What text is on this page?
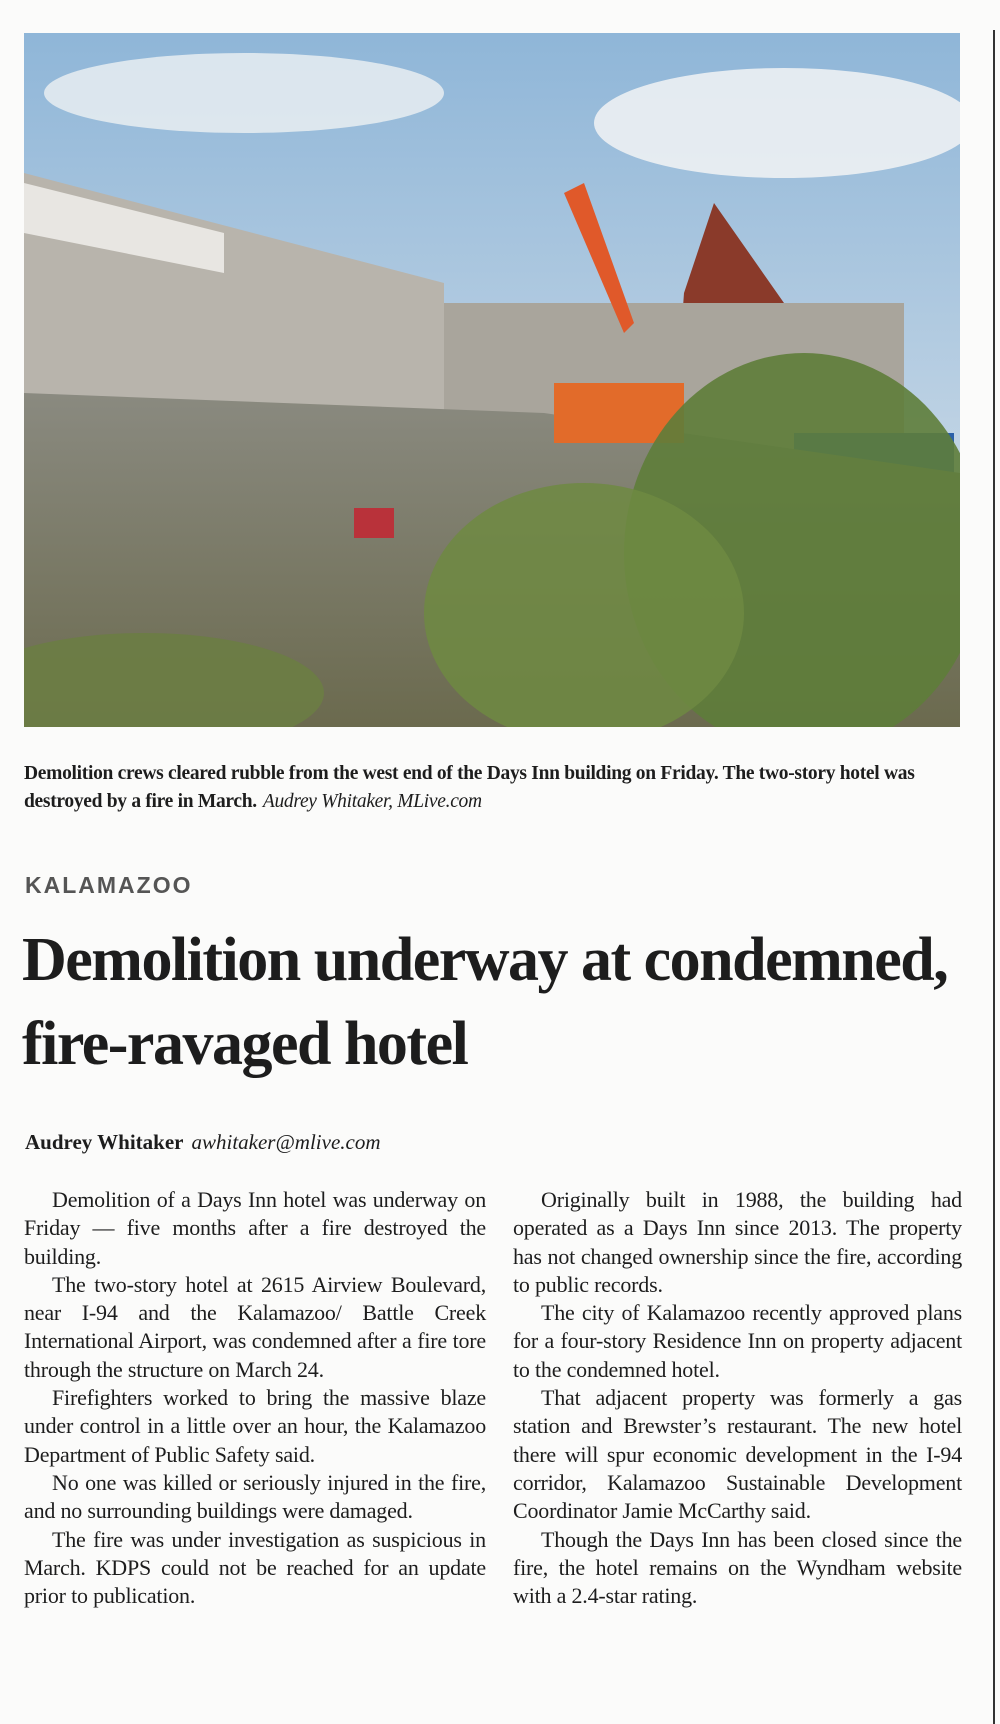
Demolition crews cleared rubble from the west end of the Days Inn building on Friday. The two-story hotel was destroyed by a fire in March. Audrey Whitaker, MLive.com
KALAMAZOO
Demolition underway at condemned, fire-ravaged hotel
Audrey Whitaker awhitaker@mlive.com

Demolition of a Days Inn hotel was underway on Friday — five months after a fire destroyed the building.

The two-story hotel at 2615 Airview Boulevard, near I-94 and the Kalamazoo/ Battle Creek International Airport, was condemned after a fire tore through the structure on March 24.

Firefighters worked to bring the massive blaze under control in a little over an hour, the Kalamazoo Department of Public Safety said.

No one was killed or seriously injured in the fire, and no surrounding buildings were damaged.

The fire was under investigation as suspicious in March. KDPS could not be reached for an update prior to publication.

Originally built in 1988, the building had operated as a Days Inn since 2013. The property has not changed ownership since the fire, according to public records.

The city of Kalamazoo recently approved plans for a four-story Residence Inn on property adjacent to the condemned hotel.

That adjacent property was formerly a gas station and Brewster’s restaurant. The new hotel there will spur economic development in the I-94 corridor, Kalamazoo Sustainable Development Coordinator Jamie McCarthy said.

Though the Days Inn has been closed since the fire, the hotel remains on the Wyndham website with a 2.4-star rating.
